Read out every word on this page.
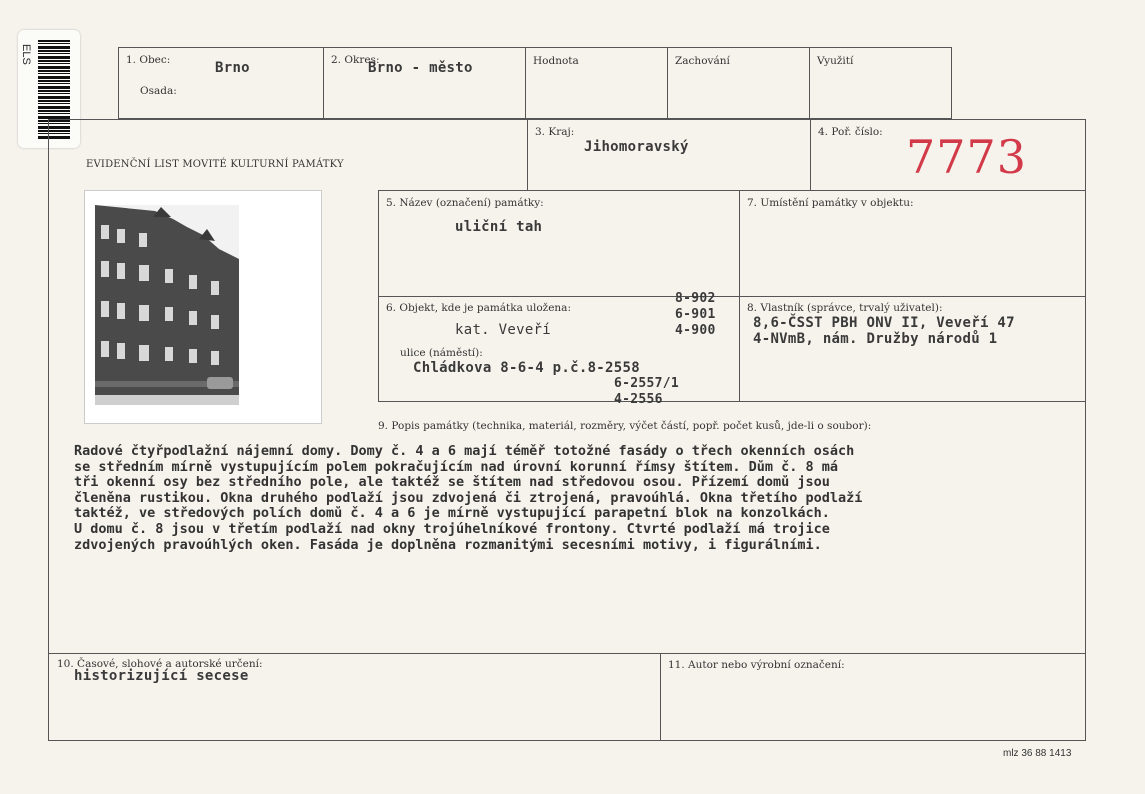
ELS	1. Obec:	Brno
Osada:
2. Okres:
Brno - město	Hodnota	Zachování	Využití
3. Kraj:
Jihomoravský
4. Poř. číslo: 7773
EVIDENČNÍ LIST MOVITÉ KULTURNÍ PAMÁTKY
5. Název (označení) památky:
uliční tah
7. Umístění památky v objektu:
6. Objekt, kde je památka uložena:
kat. Veveří
8-902
6-901
4-900
ulice (náměstí):
Chládkova 8-6-4 p.č.8-2558
6-2557/1
4-2556
8. Vlastník (správce, trvalý uživatel):
8,6-ČSST PBH ONV II, Veveří 47
4-NVmB, nám. Družby národů 1
9. Popis památky (technika, materiál, rozměry, výčet částí, popř. počet kusů, jde-li o soubor):
Řadové čtyřpodlažní nájemní domy. Domy č. 4 a 6 mají téměř totožné fasády o třech okenních osách
se středním mírně vystupujícím polem pokračujícím nad úrovní korunní římsy štítem. Dům č. 8 má
tři okenní osy bez středního pole, ale taktéž se štítem nad středovou osou. Přízemí domů jsou
členěna rustikou. Okna druhého podlaží jsou zdvojená či ztrojená, pravoúhlá. Okna třetího podlaží
taktéž, ve středových polích domů č. 4 a 6 je mírně vystupující parapetní blok na konzolkách.
U domu č. 8 jsou v třetím podlaží nad okny trojúhelníkové frontony. Čtvrté podlaží má trojice
zdvojených pravoúhlých oken. Fasáda je doplněna rozmanitými secesními motivy, i figurálními.
10. Časové, slohové a autorské určení:
historizující secese
11. Autor nebo výrobní označení:
mlz 36 88 1413
